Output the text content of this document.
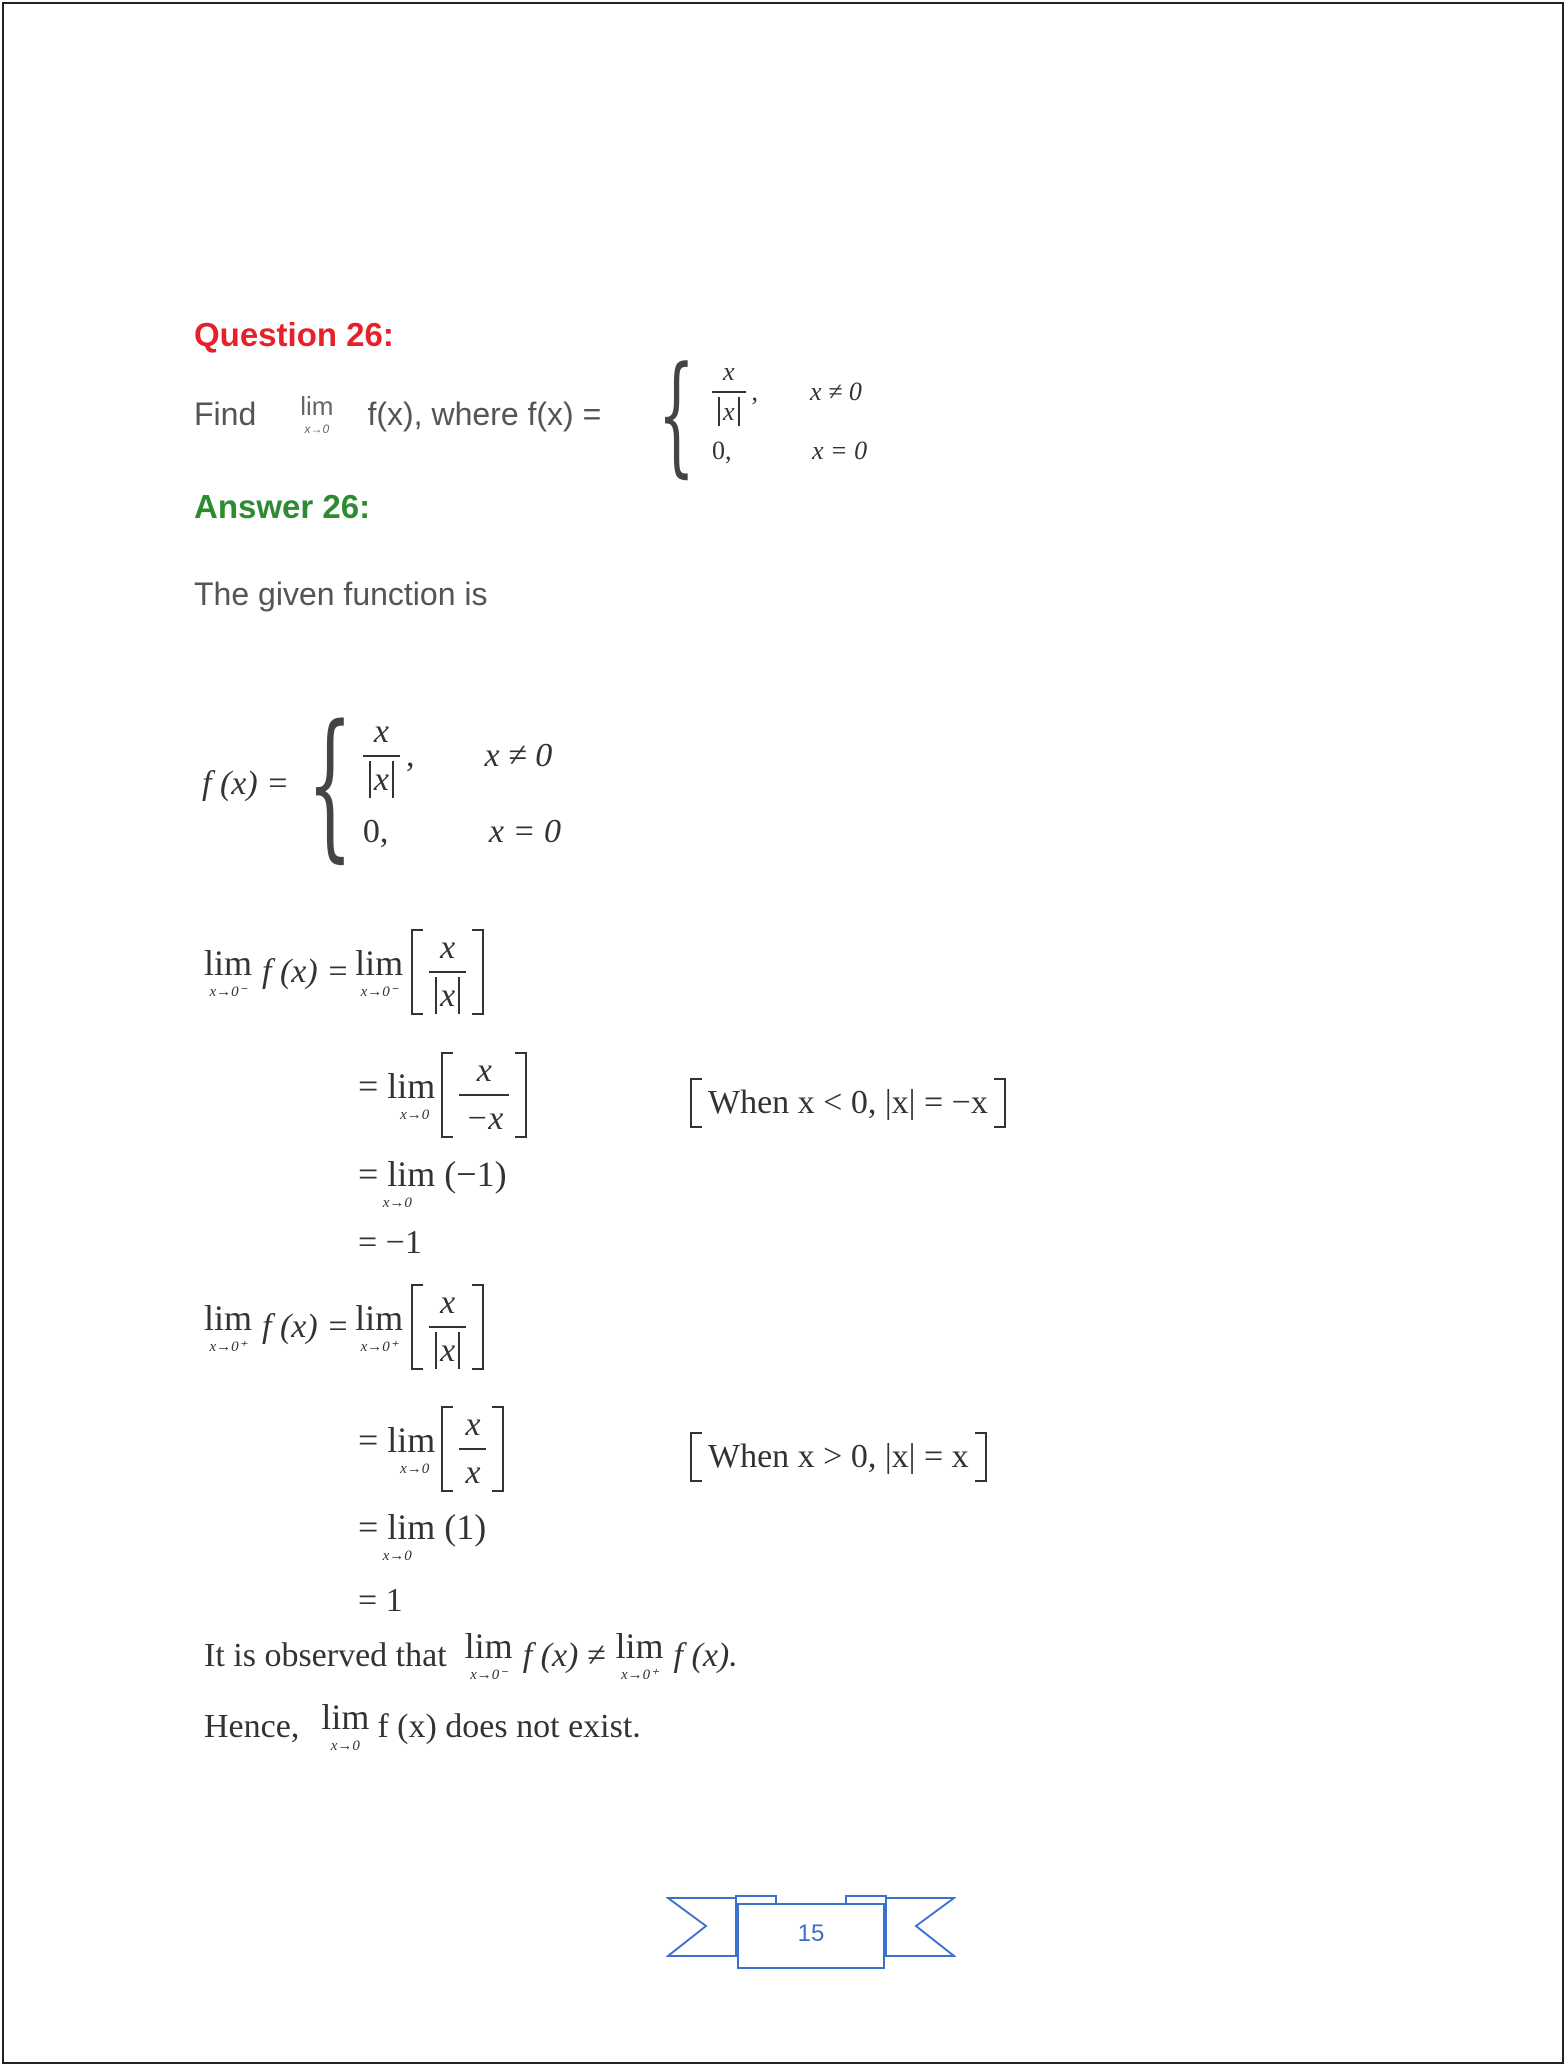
Question 26:
Find lim
x→0 f(x), where f(x) = { $\frac{x}{x}$ , x ≠ 0
0,	x = 0
Answer 26:
The given function is
f (x) = { $\frac{x}{x}$ , x ≠ 0
0,	x = 0
lim
x→0⁻
f (x) = lim
$x\to 0^- \frac{x}{x}$
= lim
$x\to 0 \frac{x}{-x}$	When x < 0, |x| = −x
= lim (−1)
x→0
= −1
lim
x→0⁺
f (x) = lim
$x\to 0^+ \frac{x}{x}$
= lim
$x\to 0 \frac{x}{x}$	When x > 0, |x| = x
= lim (1)
x→0
= 1
It is observed that lim
x→0⁻
f (x) ≠ lim
x→0⁺
f (x).
Hence, lim
x→0
f (x) does not exist.
15
